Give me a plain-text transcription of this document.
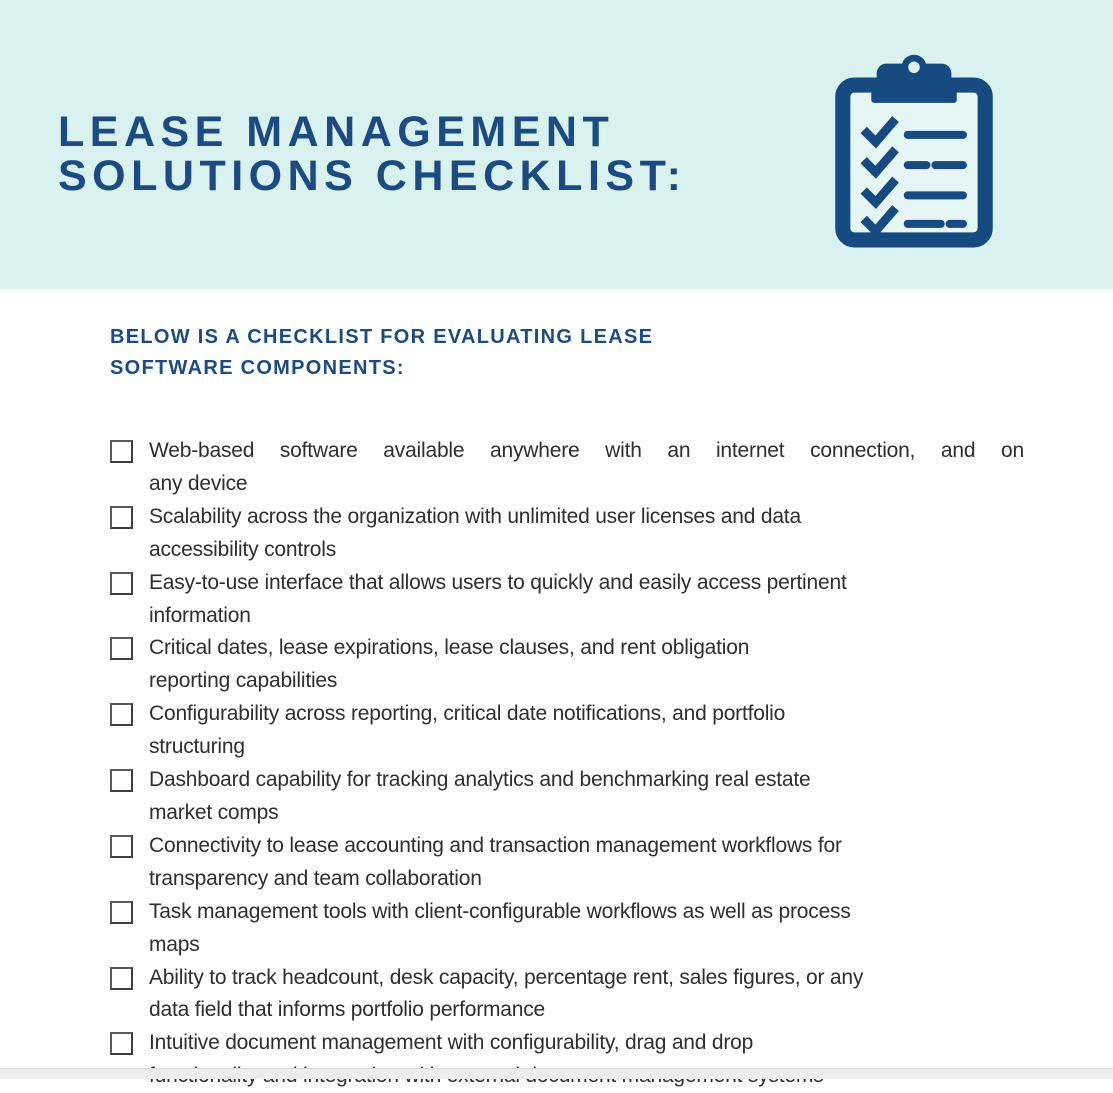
LEASE MANAGEMENT
SOLUTIONS CHECKLIST:
BELOW IS A CHECKLIST FOR EVALUATING LEASE
SOFTWARE COMPONENTS:
Web-based software available anywhere with an internet connection, and on
any device
Scalability across the organization with unlimited user licenses and data
accessibility controls
Easy-to-use interface that allows users to quickly and easily access pertinent
information
Critical dates, lease expirations, lease clauses, and rent obligation
reporting capabilities
Configurability across reporting, critical date notifications, and portfolio
structuring
Dashboard capability for tracking analytics and benchmarking real estate
market comps
Connectivity to lease accounting and transaction management workflows for
transparency and team collaboration
Task management tools with client-configurable workflows as well as process
maps
Ability to track headcount, desk capacity, percentage rent, sales figures, or any
data field that informs portfolio performance
Intuitive document management with configurability, drag and drop
